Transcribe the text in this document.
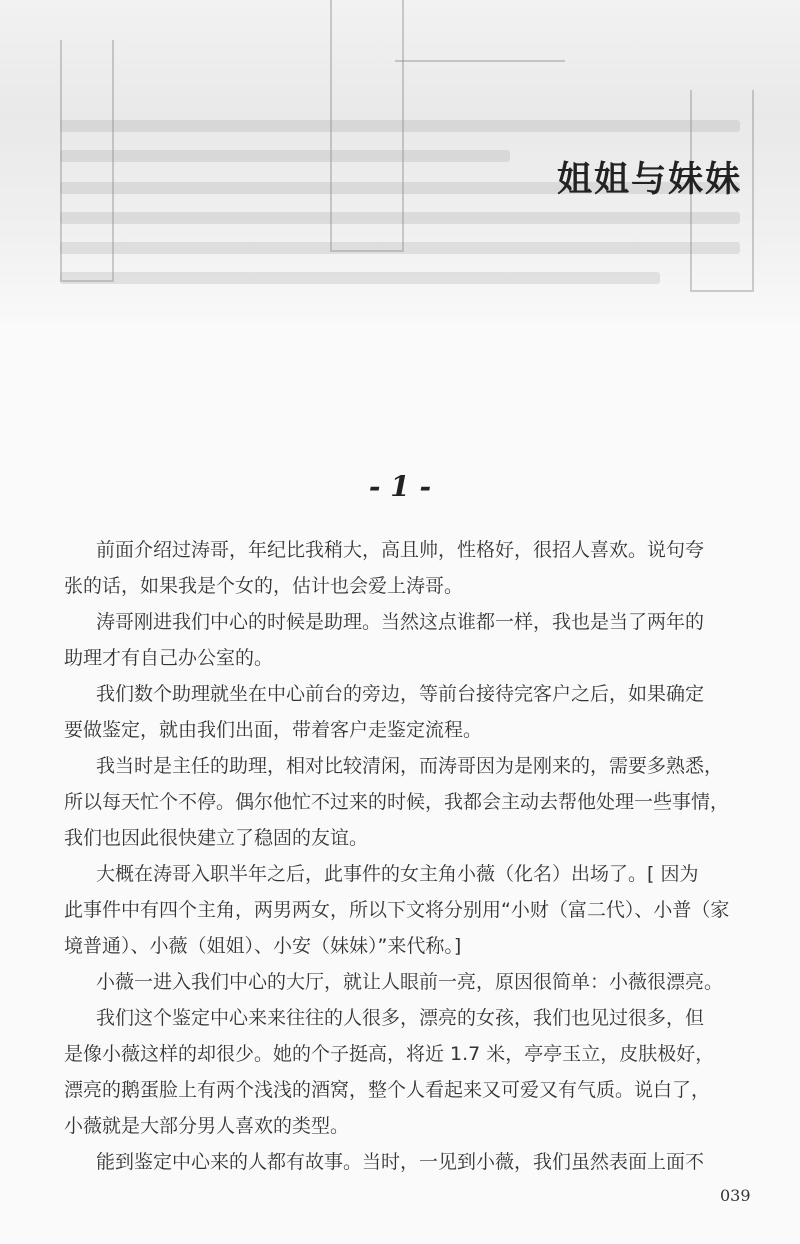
姐姐与妹妹
- 1 -
前面介绍过涛哥，年纪比我稍大，高且帅，性格好，很招人喜欢。说句夸
张的话，如果我是个女的，估计也会爱上涛哥。
涛哥刚进我们中心的时候是助理。当然这点谁都一样，我也是当了两年的
助理才有自己办公室的。
我们数个助理就坐在中心前台的旁边，等前台接待完客户之后，如果确定
要做鉴定，就由我们出面，带着客户走鉴定流程。
我当时是主任的助理，相对比较清闲，而涛哥因为是刚来的，需要多熟悉，
所以每天忙个不停。偶尔他忙不过来的时候，我都会主动去帮他处理一些事情，
我们也因此很快建立了稳固的友谊。
大概在涛哥入职半年之后，此事件的女主角小薇（化名）出场了。[ 因为
此事件中有四个主角，两男两女，所以下文将分别用“小财（富二代）、小普（家
境普通）、小薇（姐姐）、小安（妹妹）”来代称。]
小薇一进入我们中心的大厅，就让人眼前一亮，原因很简单：小薇很漂亮。
我们这个鉴定中心来来往往的人很多，漂亮的女孩，我们也见过很多，但
是像小薇这样的却很少。她的个子挺高，将近 1.7 米，亭亭玉立，皮肤极好，
漂亮的鹅蛋脸上有两个浅浅的酒窝，整个人看起来又可爱又有气质。说白了，
小薇就是大部分男人喜欢的类型。
能到鉴定中心来的人都有故事。当时，一见到小薇，我们虽然表面上面不
039
